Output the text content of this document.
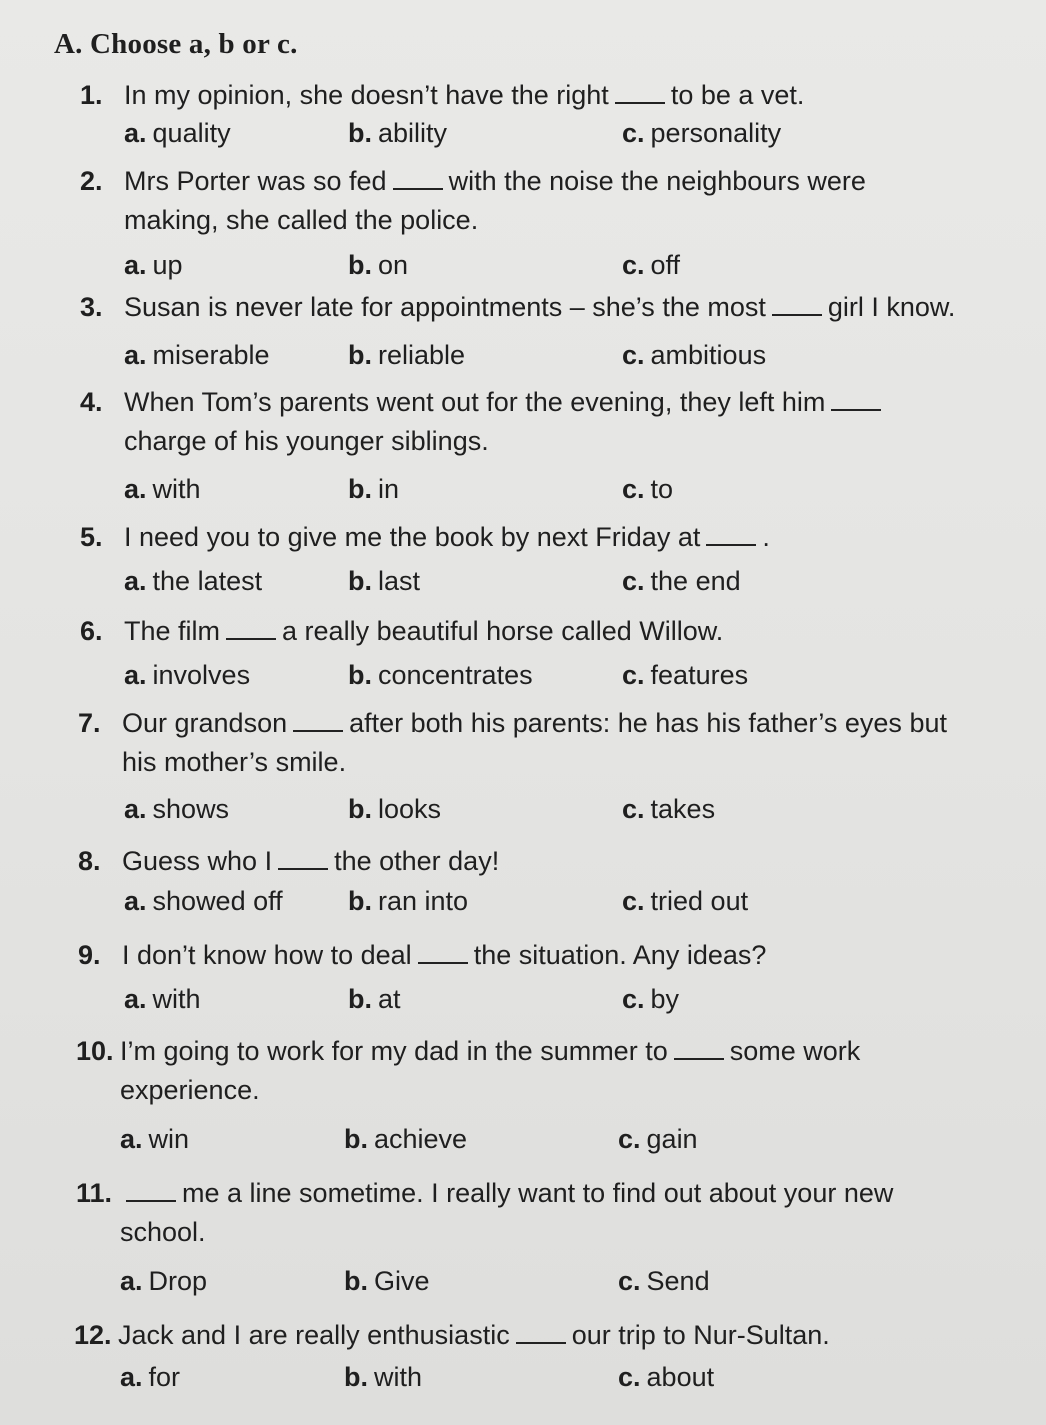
A. Choose a, b or c.
1. In my opinion, she doesn’t have the right to be a vet.
a. quality	b. ability	c. personality
2. Mrs Porter was so fed with the noise the neighbours were
making, she called the police.
a. up	b. on	c. off
3. Susan is never late for appointments – she’s the most girl I know.
a. miserable	b. reliable	c. ambitious
4. When Tom’s parents went out for the evening, they left him
charge of his younger siblings.
a. with	b. in	c. to
5. I need you to give me the book by next Friday at .
a. the latest	b. last	c. the end
6. The film a really beautiful horse called Willow.
a. involves	b. concentrates	c. features
7. Our grandson after both his parents: he has his father’s eyes but
his mother’s smile.
a. shows	b. looks	c. takes
8. Guess who I the other day!
a. showed off b. ran into	c. tried out
9. I don’t know how to deal the situation. Any ideas?
a. with	b. at	c. by
10. I’m going to work for my dad in the summer to some work
experience.
a. win	b. achieve	c. gain
11.	me a line sometime. I really want to find out about your new
school.
a. Drop	b. Give	c. Send
12. Jack and I are really enthusiastic our trip to Nur-Sultan.
a. for	b. with	c. about
